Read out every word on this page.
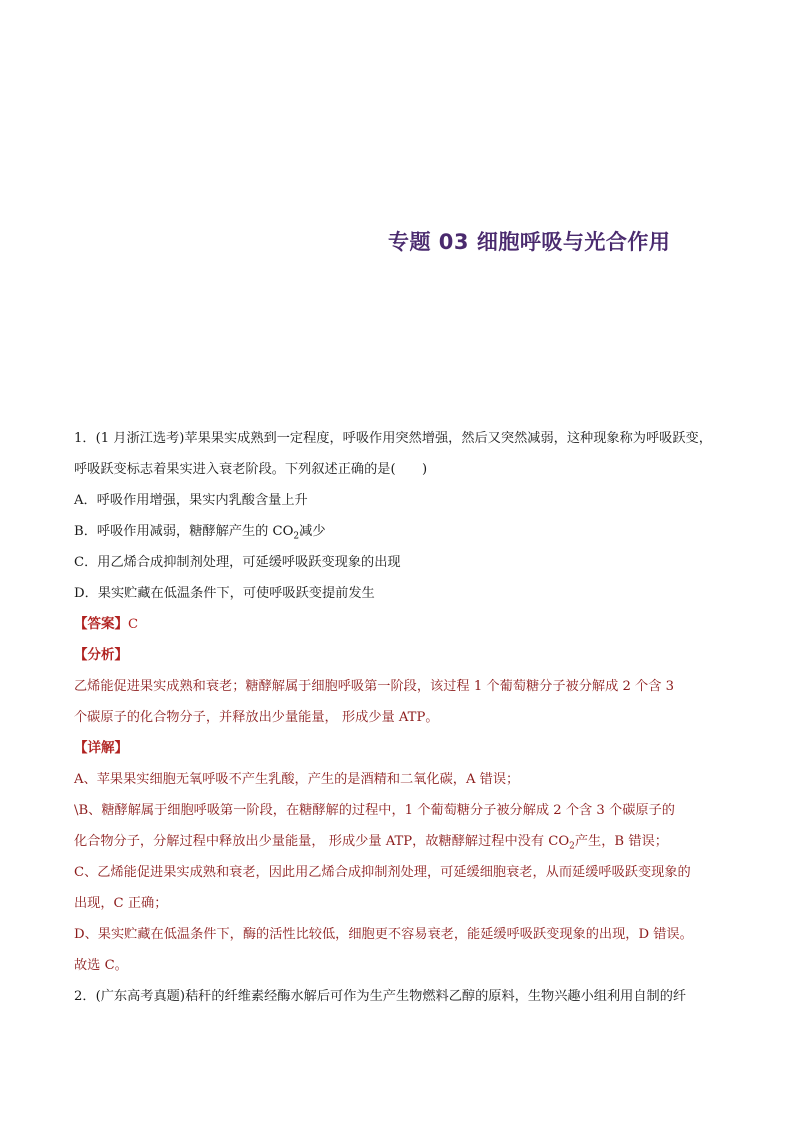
专题 03 细胞呼吸与光合作用
1．(1 月浙江选考)苹果果实成熟到一定程度，呼吸作用突然增强，然后又突然减弱，这种现象称为呼吸跃变，
呼吸跃变标志着果实进入衰老阶段。下列叙述正确的是(　　)
A．呼吸作用增强，果实内乳酸含量上升
B．呼吸作用减弱，糖酵解产生的 $CO_2$减少
C．用乙烯合成抑制剂处理，可延缓呼吸跃变现象的出现
D．果实贮藏在低温条件下，可使呼吸跃变提前发生
【答案】C
【分析】
乙烯能促进果实成熟和衰老；糖酵解属于细胞呼吸第一阶段，该过程 1 个葡萄糖分子被分解成 2 个含 3
个碳原子的化合物分子，并释放出少量能量， 形成少量 ATP。
【详解】
A、苹果果实细胞无氧呼吸不产生乳酸，产生的是酒精和二氧化碳，A 错误；
\B、糖酵解属于细胞呼吸第一阶段，在糖酵解的过程中，1 个葡萄糖分子被分解成 2 个含 3 个碳原子的
化合物分子，分解过程中释放出少量能量， 形成少量 ATP，故糖酵解过程中没有 $CO_2$产生，B 错误；
C、乙烯能促进果实成熟和衰老，因此用乙烯合成抑制剂处理，可延缓细胞衰老，从而延缓呼吸跃变现象的
出现，C 正确；
D、果实贮藏在低温条件下，酶的活性比较低，细胞更不容易衰老，能延缓呼吸跃变现象的出现，D 错误。
故选 C。
2．(广东高考真题)秸秆的纤维素经酶水解后可作为生产生物燃料乙醇的原料，生物兴趣小组利用自制的纤
